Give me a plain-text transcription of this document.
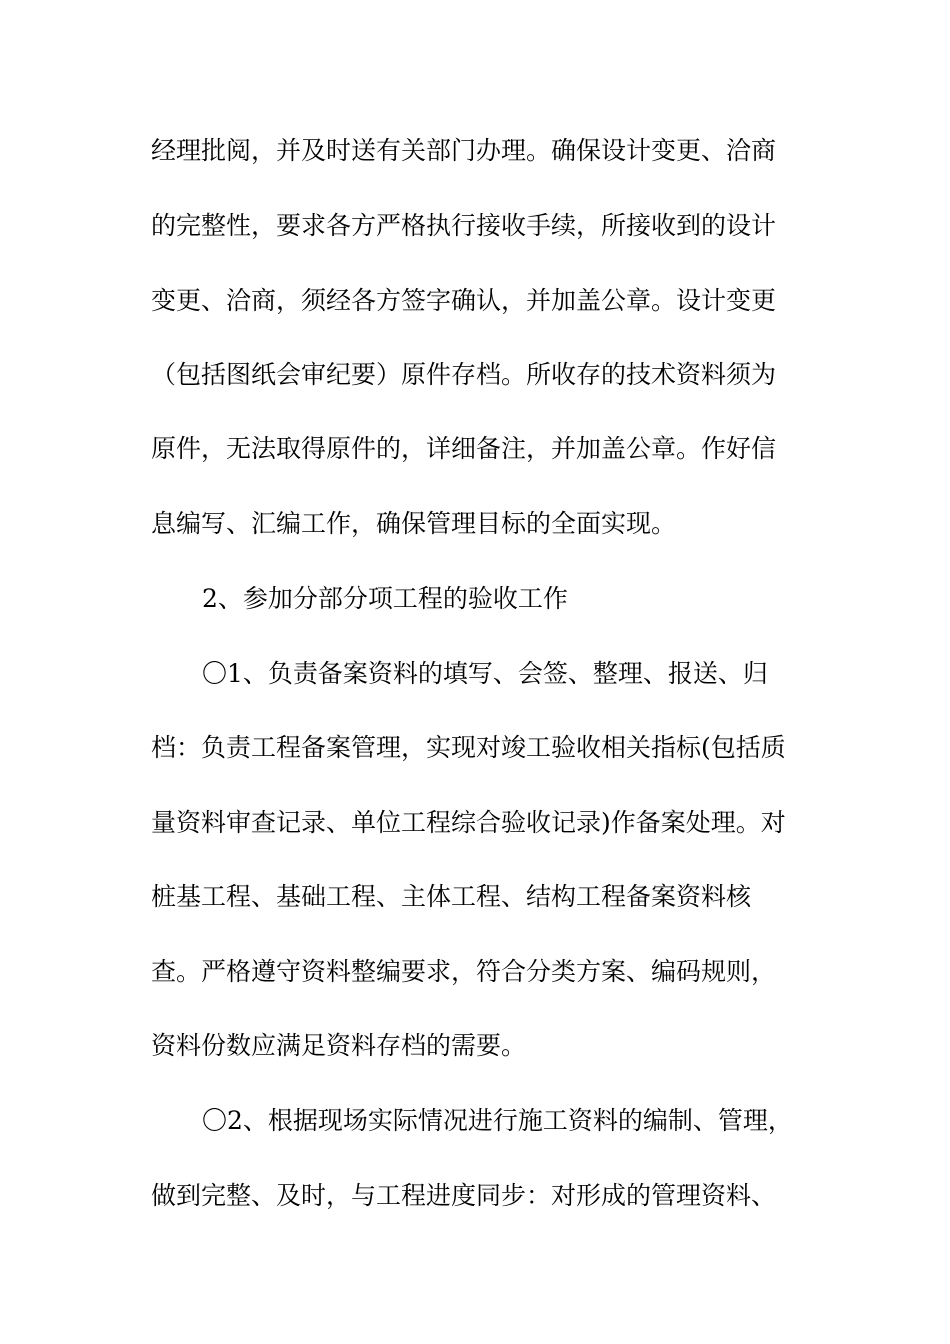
经理批阅，并及时送有关部门办理。确保设计变更、洽商

的完整性，要求各方严格执行接收手续，所接收到的设计

变更、洽商，须经各方签字确认，并加盖公章。设计变更

（包括图纸会审纪要）原件存档。所收存的技术资料须为

原件，无法取得原件的，详细备注，并加盖公章。作好信

息编写、汇编工作，确保管理目标的全面实现。

2、参加分部分项工程的验收工作

〇1、负责备案资料的填写、会签、整理、报送、归

档：负责工程备案管理，实现对竣工验收相关指标(包括质

量资料审查记录、单位工程综合验收记录)作备案处理。对

桩基工程、基础工程、主体工程、结构工程备案资料核

查。严格遵守资料整编要求，符合分类方案、编码规则，

资料份数应满足资料存档的需要。

〇2、根据现场实际情况进行施工资料的编制、管理，

做到完整、及时，与工程进度同步：对形成的管理资料、
